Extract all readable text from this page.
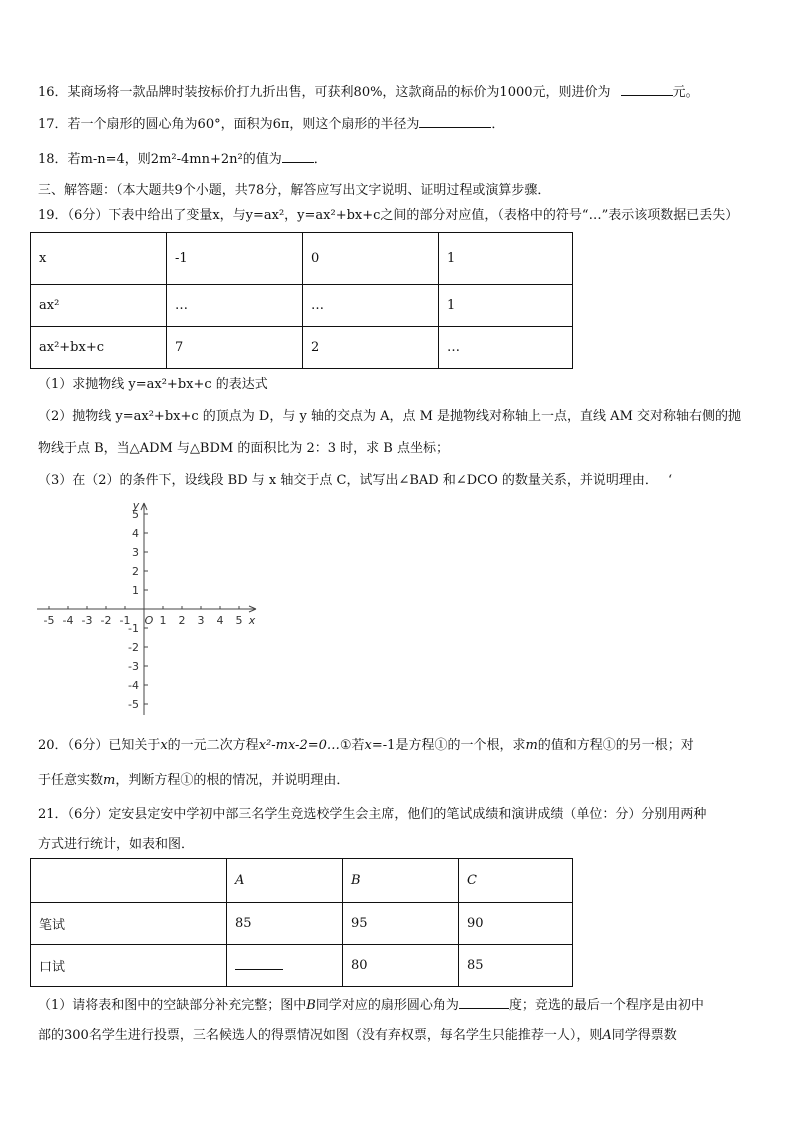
16．某商场将一款品牌时装按标价打九折出售，可获利80%，这款商品的标价为1000元，则进价为	元。
17．若一个扇形的圆心角为60°，面积为6π，则这个扇形的半径为	．
18．若m-n=4，则2m²-4mn+2n²的值为 ．
三、解答题：（本大题共9个小题，共78分，解答应写出文字说明、证明过程或演算步骤．
19．（6分）下表中给出了变量x，与y=ax²，y=ax²+bx+c之间的部分对应值，（表格中的符号“…”表示该项数据已丢失）
x	-1	0	1
ax²	…	…	1
ax²+bx+c	7	2	…
（1）求抛物线 y=ax²+bx+c 的表达式
（2）抛物线 y=ax²+bx+c 的顶点为 D，与 y 轴的交点为 A，点 M 是抛物线对称轴上一点，直线 AM 交对称轴右侧的抛
物线于点 B，当△ADM 与△BDM 的面积比为 2：3 时，求 B 点坐标；
（3）在（2）的条件下，设线段 BD 与 x 轴交于点 C，试写出∠BAD 和∠DCO 的数量关系，并说明理由． ‘
-5 -4 -3 -2 -1	1 2 3 4 5
5
4
3
2
1
-1
-2
-3
-4
-5
x
y
O
20．（6分）已知关于x的一元二次方程x²-mx-2=0…①若x=-1是方程①的一个根，求m的值和方程①的另一根；对
于任意实数m，判断方程①的根的情况，并说明理由．
21．（6分）定安县定安中学初中部三名学生竞选校学生会主席，他们的笔试成绩和演讲成绩（单位：分）分别用两种
方式进行统计，如表和图．
	A	B	C
笔试	85	95	90
口试		80	85
（1）请将表和图中的空缺部分补充完整；图中B同学对应的扇形圆心角为	度；竞选的最后一个程序是由初中
部的300名学生进行投票，三名候选人的得票情况如图（没有弃权票，每名学生只能推荐一人），则A同学得票数
